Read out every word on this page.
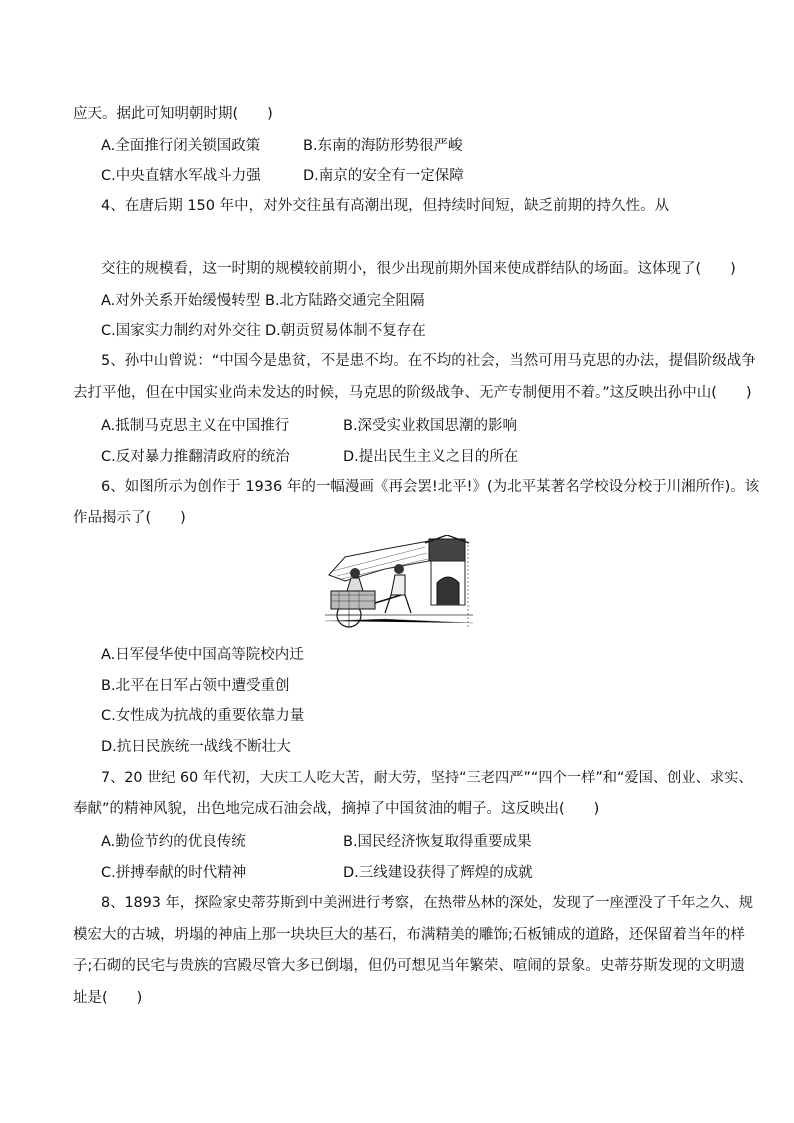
应天。据此可知明朝时期(　　)
A.全面推行闭关锁国政策	B.东南的海防形势很严峻
C.中央直辖水军战斗力强	D.南京的安全有一定保障
4、在唐后期 150 年中，对外交往虽有高潮出现，但持续时间短，缺乏前期的持久性。从
交往的规模看，这一时期的规模较前期小，很少出现前期外国来使成群结队的场面。这体现了(　　)
A.对外关系开始缓慢转型 B.北方陆路交通完全阻隔
C.国家实力制约对外交往 D.朝贡贸易体制不复存在
5、孙中山曾说：“中国今是患贫，不是患不均。在不均的社会，当然可用马克思的办法，提倡阶级战争
去打平他，但在中国实业尚未发达的时候，马克思的阶级战争、无产专制便用不着。”这反映出孙中山(　　)
A.抵制马克思主义在中国推行	B.深受实业救国思潮的影响
C.反对暴力推翻清政府的统治	D.提出民生主义之目的所在
6、如图所示为创作于 1936 年的一幅漫画《再会罢!北平!》(为北平某著名学校设分校于川湘所作)。该
作品揭示了(　　)
A.日军侵华使中国高等院校内迁
B.北平在日军占领中遭受重创
C.女性成为抗战的重要依靠力量
D.抗日民族统一战线不断壮大
7、20 世纪 60 年代初，大庆工人吃大苦，耐大劳，坚持“三老四严”“四个一样”和“爱国、创业、求实、
奉献”的精神风貌，出色地完成石油会战，摘掉了中国贫油的帽子。这反映出(　　)
A.勤俭节约的优良传统	B.国民经济恢复取得重要成果
C.拼搏奉献的时代精神	D.三线建设获得了辉煌的成就
8、1893 年，探险家史蒂芬斯到中美洲进行考察，在热带丛林的深处，发现了一座湮没了千年之久、规
模宏大的古城，坍塌的神庙上那一块块巨大的基石，布满精美的雕饰;石板铺成的道路，还保留着当年的样
子;石砌的民宅与贵族的宫殿尽管大多已倒塌，但仍可想见当年繁荣、喧闹的景象。史蒂芬斯发现的文明遗
址是(　　)
